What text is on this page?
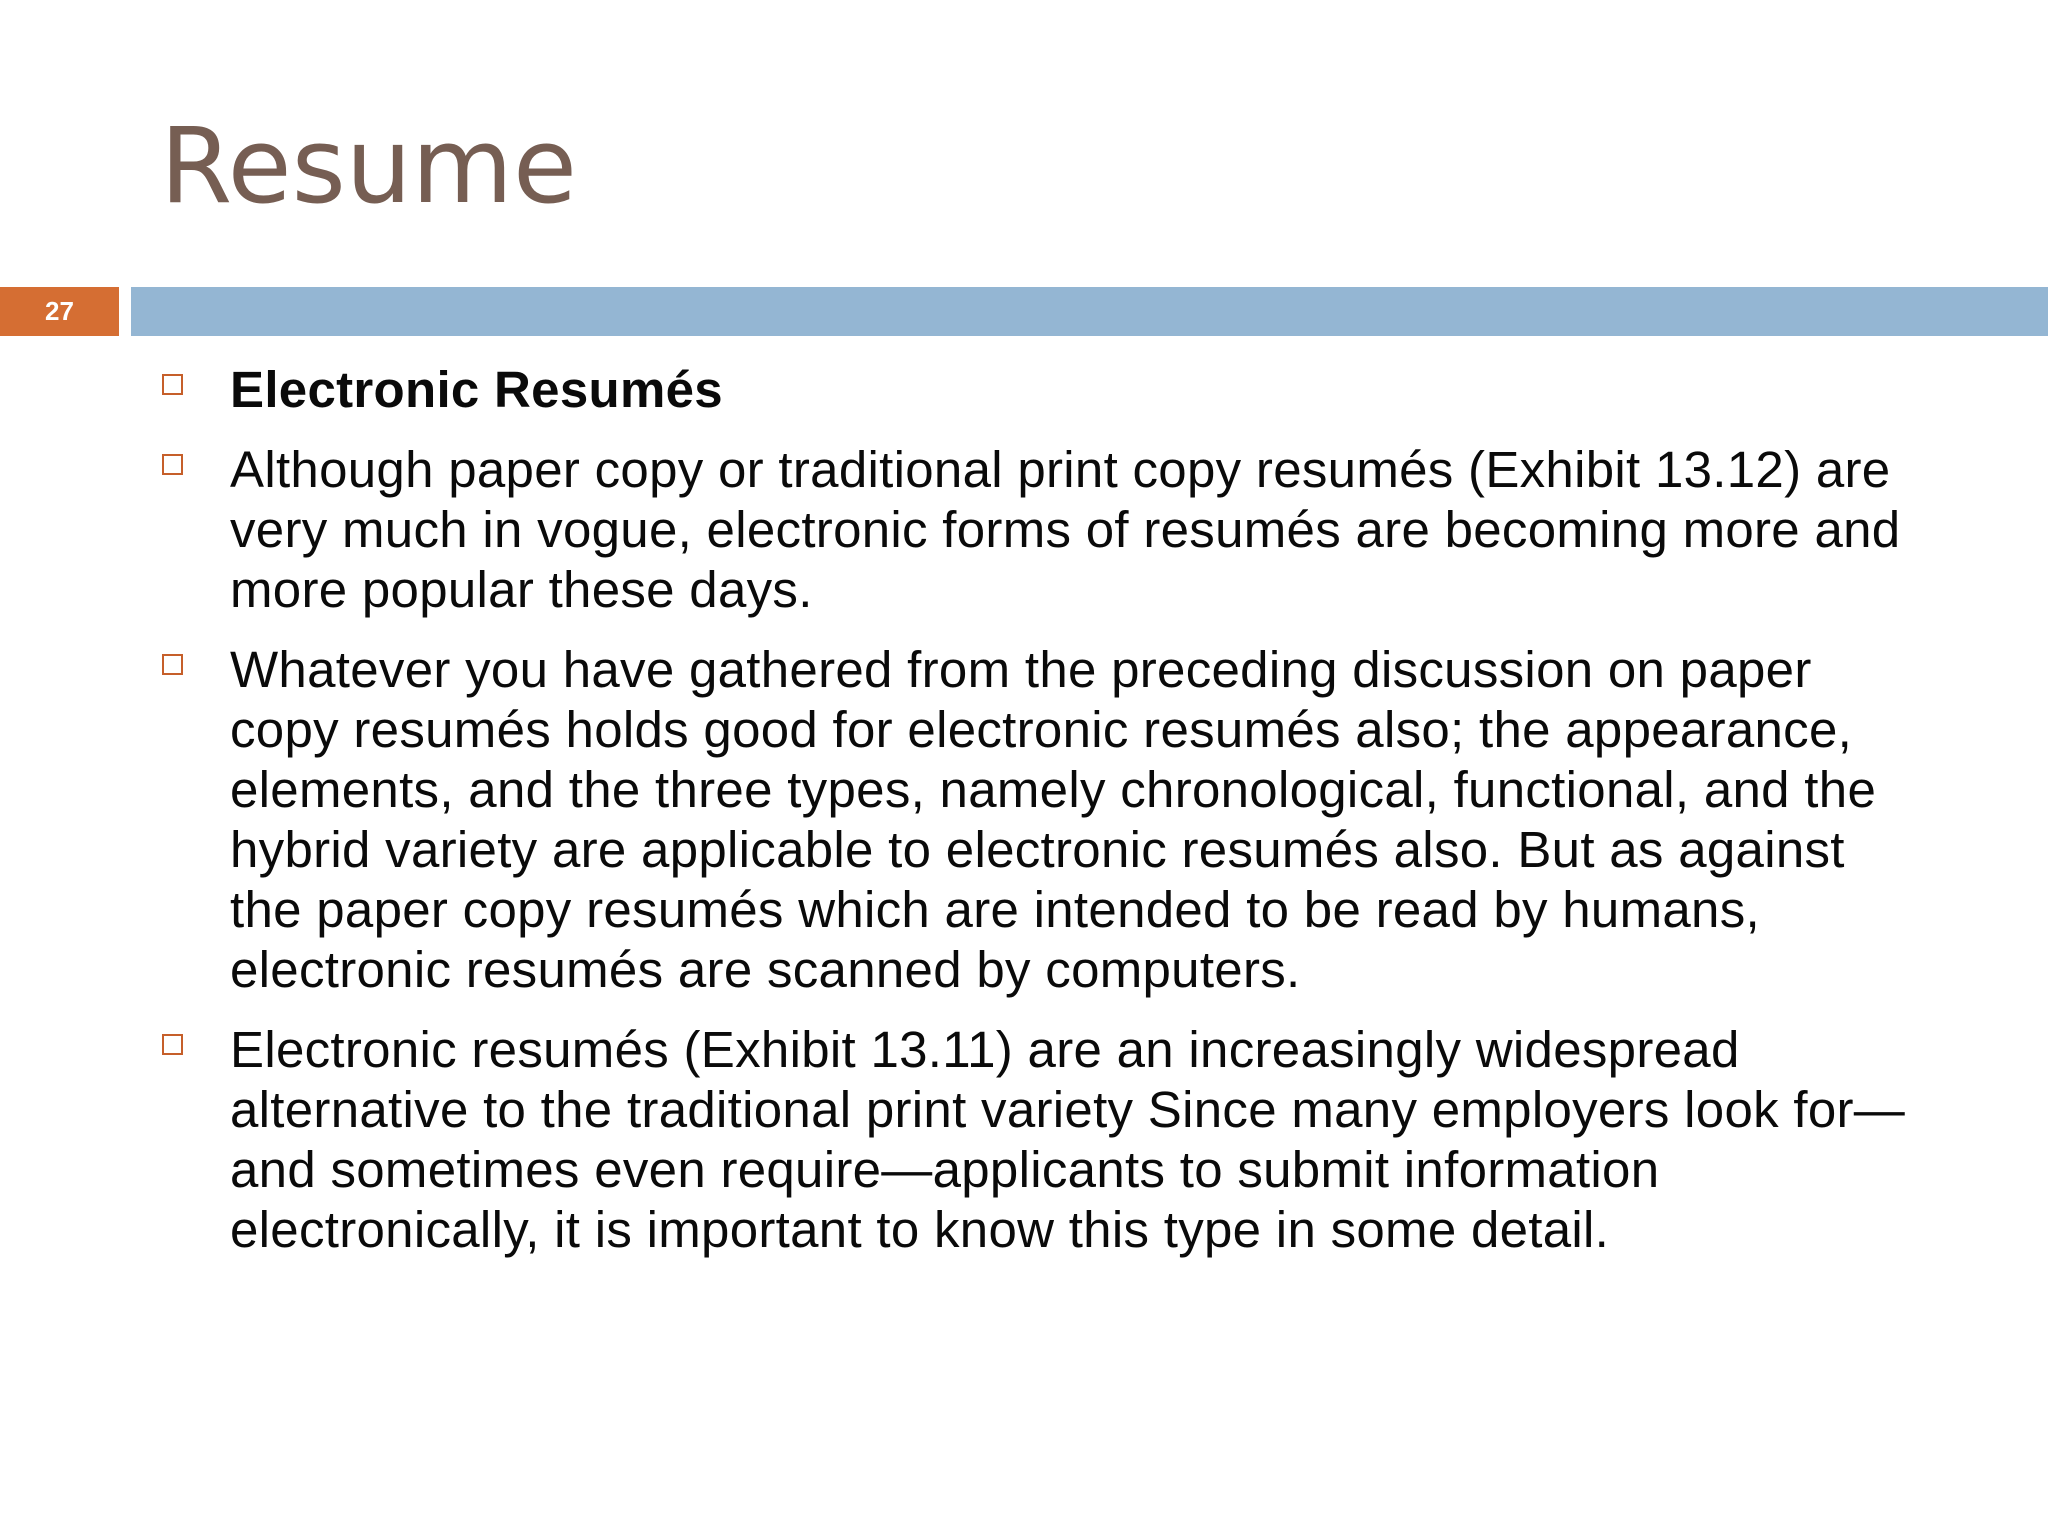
Resume
27
Electronic Resumés
Although paper copy or traditional print copy resumés (Exhibit 13.12) are very much in vogue, electronic forms of resumés are becoming more and more popular these days.
Whatever you have gathered from the preceding discussion on paper copy resumés holds good for electronic resumés also; the appearance, elements, and the three types, namely chronological, functional, and the hybrid variety are applicable to electronic resumés also. But as against the paper copy resumés which are intended to be read by humans, electronic resumés are scanned by computers.
Electronic resumés (Exhibit 13.11) are an increasingly widespread alternative to the traditional print variety Since many employers look for—and sometimes even require—applicants to submit information electronically, it is important to know this type in some detail.
